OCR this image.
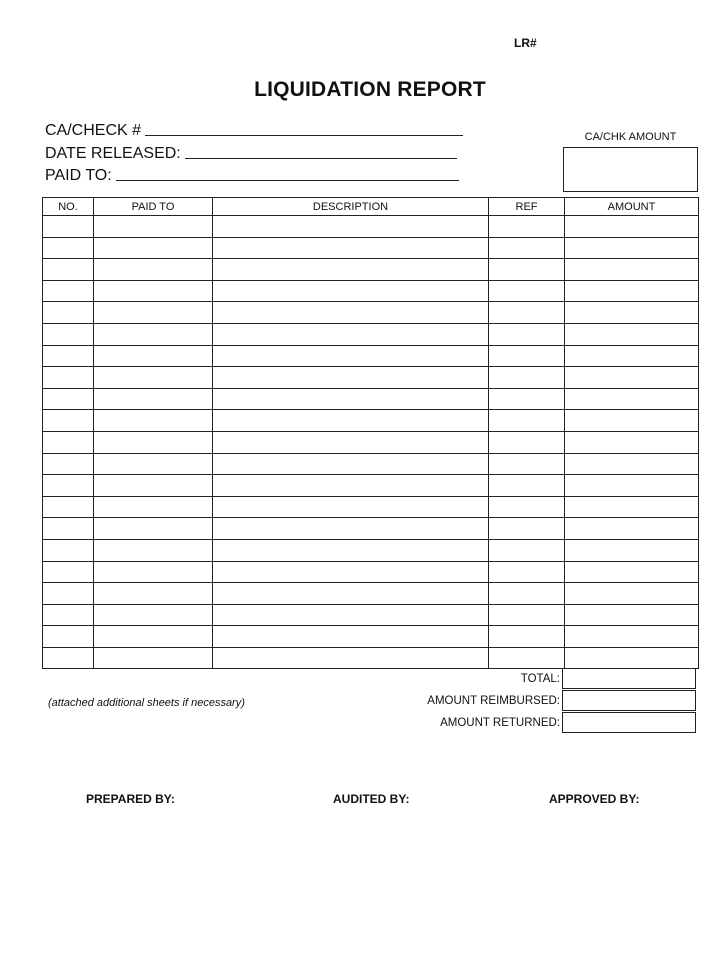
LR#
LIQUIDATION REPORT
CA/CHECK #
DATE RELEASED:
PAID TO:
CA/CHK AMOUNT
NO.	PAID TO	DESCRIPTION	REF	AMOUNT

(attached additional sheets if necessary)
TOTAL:
AMOUNT REIMBURSED:
AMOUNT RETURNED:
PREPARED BY:	AUDITED BY:	APPROVED BY:
